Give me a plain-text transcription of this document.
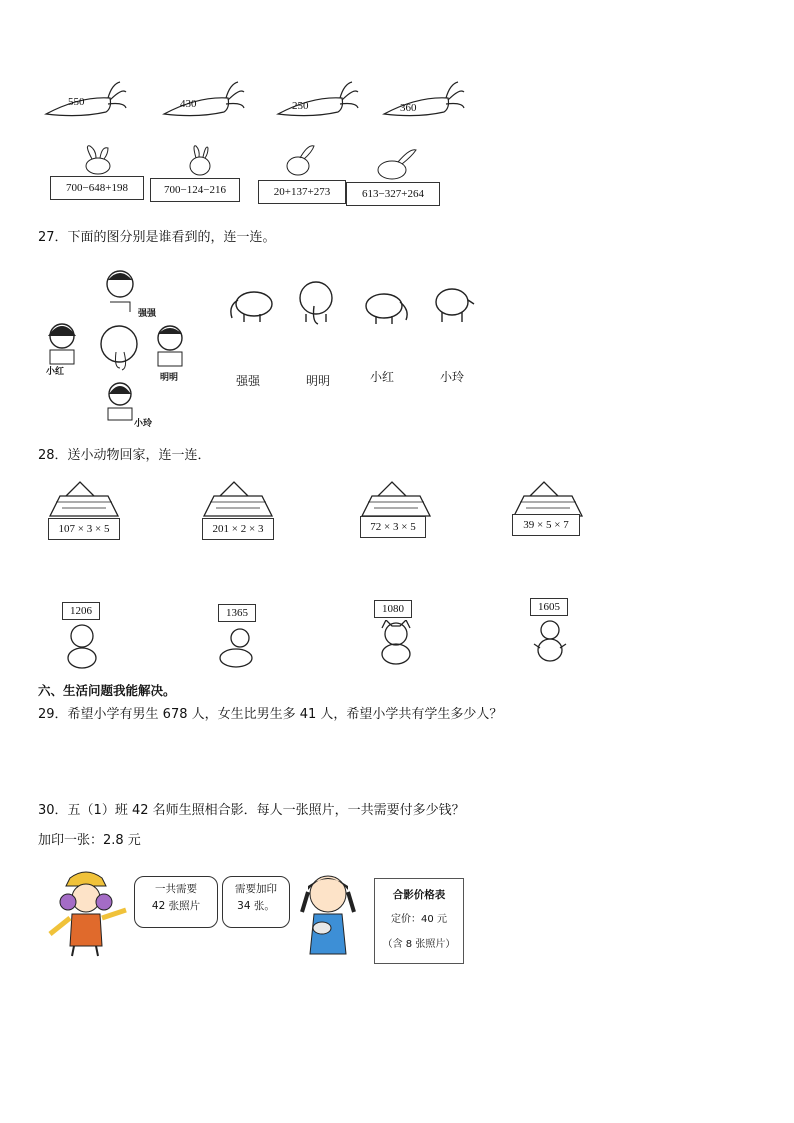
550	430	250	360
700−648+198	700−124−216	20+137+273	613−327+264
27．下面的图分别是谁看到的，连一连。
强强
小红
明明
小玲
强强	明明	小红	小玲
28．送小动物回家，连一连．
107 × 3 × 5	201 × 2 × 3	72 × 3 × 5	39 × 5 × 7
1206	1365	1080	1605
六、生活问题我能解决。
29．希望小学有男生 678 人，女生比男生多 41 人，希望小学共有学生多少人？
30．五（1）班 42 名师生照相合影．每人一张照片，一共需要付多少钱？
加印一张：2.8 元
一共需要
42 张照片
需要加印
34 张。
合影价格表
定价：40 元
（含 8 张照片）
